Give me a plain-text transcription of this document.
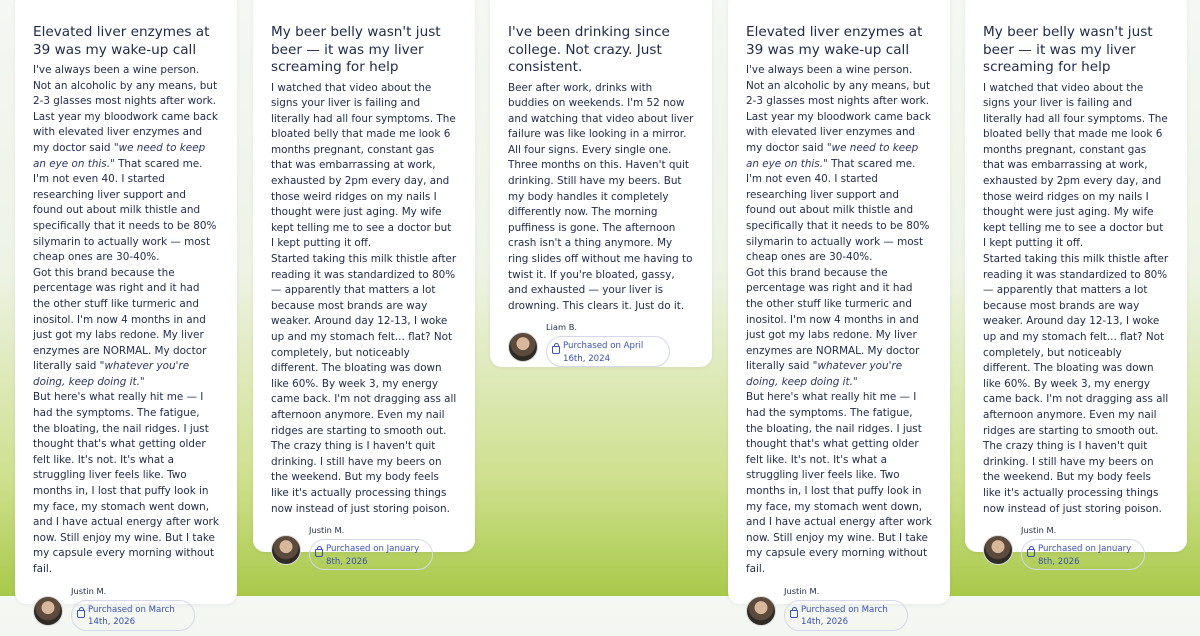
Elevated liver enzymes at 39 was my wake-up call

I've always been a wine person. Not an alcoholic by any means, but 2-3 glasses most nights after work. Last year my bloodwork came back with elevated liver enzymes and my doctor said "we need to keep an eye on this." That scared me. I'm not even 40. I started researching liver support and found out about milk thistle and specifically that it needs to be 80% silymarin to actually work — most cheap ones are 30-40%.

Got this brand because the percentage was right and it had the other stuff like turmeric and inositol. I'm now 4 months in and just got my labs redone. My liver enzymes are NORMAL. My doctor literally said "whatever you're doing, keep doing it."

But here's what really hit me — I had the symptoms. The fatigue, the bloating, the nail ridges. I just thought that's what getting older felt like. It's not. It's what a struggling liver feels like. Two months in, I lost that puffy look in my face, my stomach went down, and I have actual energy after work now. Still enjoy my wine. But I take my capsule every morning without fail.

Justin M.
Purchased on March 14th, 2026
My beer belly wasn't just beer — it was my liver screaming for help

I watched that video about the signs your liver is failing and literally had all four symptoms. The bloated belly that made me look 6 months pregnant, constant gas that was embarrassing at work, exhausted by 2pm every day, and those weird ridges on my nails I thought were just aging. My wife kept telling me to see a doctor but I kept putting it off.

Started taking this milk thistle after reading it was standardized to 80% — apparently that matters a lot because most brands are way weaker. Around day 12-13, I woke up and my stomach felt... flat? Not completely, but noticeably different. The bloating was down like 60%. By week 3, my energy came back. I'm not dragging ass all afternoon anymore. Even my nail ridges are starting to smooth out.

The crazy thing is I haven't quit drinking. I still have my beers on the weekend. But my body feels like it's actually processing things now instead of just storing poison.

Justin M.
Purchased on January 8th, 2026
I've been drinking since college. Not crazy. Just consistent.

Beer after work, drinks with buddies on weekends. I'm 52 now and watching that video about liver failure was like looking in a mirror. All four signs. Every single one.

Three months on this. Haven't quit drinking. Still have my beers. But my body handles it completely differently now. The morning puffiness is gone. The afternoon crash isn't a thing anymore. My ring slides off without me having to twist it. If you're bloated, gassy, and exhausted — your liver is drowning. This clears it. Just do it.

Liam B.
Purchased on April 16th, 2024
Elevated liver enzymes at 39 was my wake-up call

I've always been a wine person. Not an alcoholic by any means, but 2-3 glasses most nights after work. Last year my bloodwork came back with elevated liver enzymes and my doctor said "we need to keep an eye on this." That scared me. I'm not even 40. I started researching liver support and found out about milk thistle and specifically that it needs to be 80% silymarin to actually work — most cheap ones are 30-40%.

Got this brand because the percentage was right and it had the other stuff like turmeric and inositol. I'm now 4 months in and just got my labs redone. My liver enzymes are NORMAL. My doctor literally said "whatever you're doing, keep doing it."

But here's what really hit me — I had the symptoms. The fatigue, the bloating, the nail ridges. I just thought that's what getting older felt like. It's not. It's what a struggling liver feels like. Two months in, I lost that puffy look in my face, my stomach went down, and I have actual energy after work now. Still enjoy my wine. But I take my capsule every morning without fail.

Justin M.
Purchased on March 14th, 2026
My beer belly wasn't just beer — it was my liver screaming for help

I watched that video about the signs your liver is failing and literally had all four symptoms. The bloated belly that made me look 6 months pregnant, constant gas that was embarrassing at work, exhausted by 2pm every day, and those weird ridges on my nails I thought were just aging. My wife kept telling me to see a doctor but I kept putting it off.

Started taking this milk thistle after reading it was standardized to 80% — apparently that matters a lot because most brands are way weaker. Around day 12-13, I woke up and my stomach felt... flat? Not completely, but noticeably different. The bloating was down like 60%. By week 3, my energy came back. I'm not dragging ass all afternoon anymore. Even my nail ridges are starting to smooth out.

The crazy thing is I haven't quit drinking. I still have my beers on the weekend. But my body feels like it's actually processing things now instead of just storing poison.

Justin M.
Purchased on January 8th, 2026
